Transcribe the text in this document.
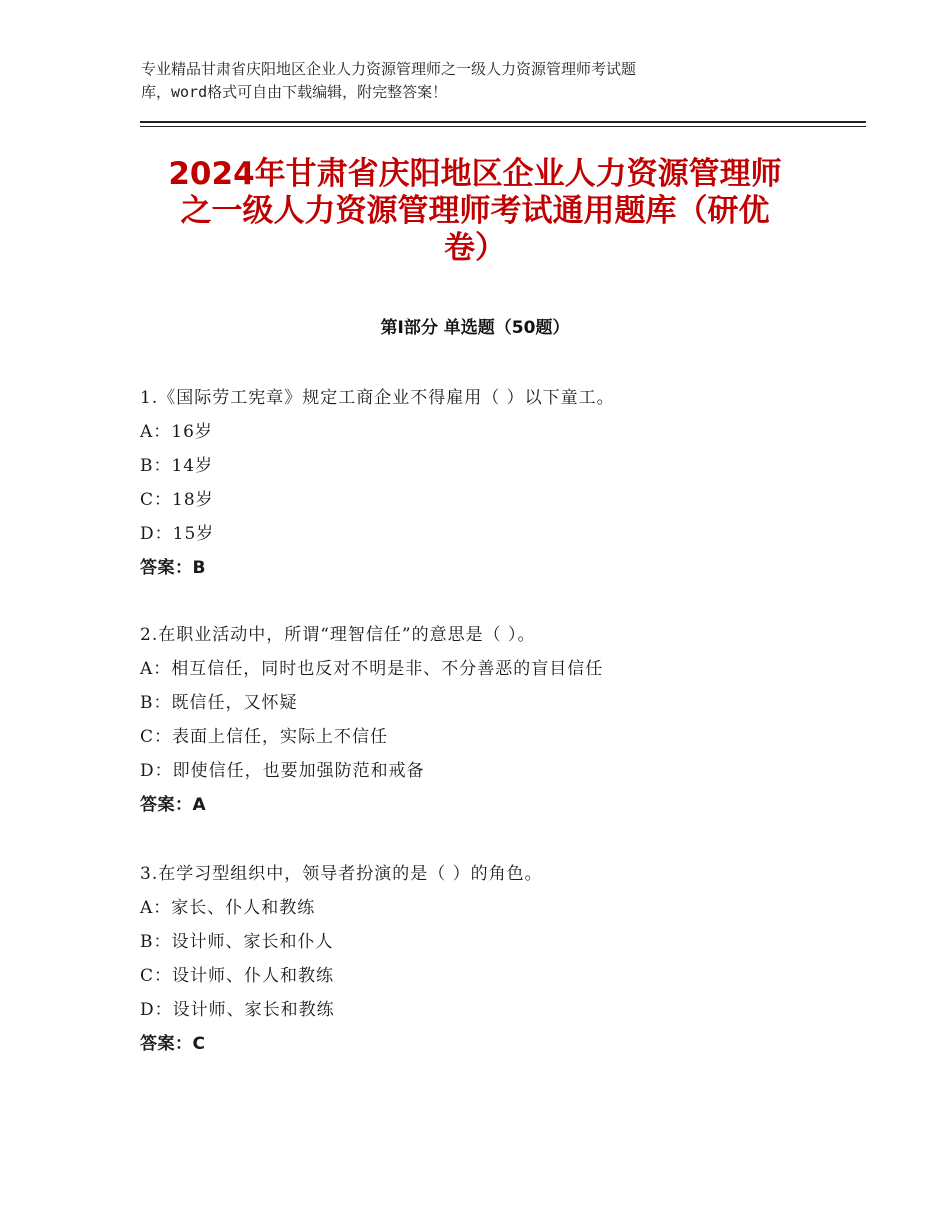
专业精品甘肃省庆阳地区企业人力资源管理师之一级人力资源管理师考试题
库，word格式可自由下载编辑，附完整答案！
2024年甘肃省庆阳地区企业人力资源管理师
之一级人力资源管理师考试通用题库（研优
卷）
第Ⅰ部分 单选题（50题）
1.《国际劳工宪章》规定工商企业不得雇用（ ）以下童工。
A：16岁
B：14岁
C：18岁
D：15岁
答案：B
2.在职业活动中，所谓“理智信任”的意思是（ ）。
A：相互信任，同时也反对不明是非、不分善恶的盲目信任
B：既信任，又怀疑
C：表面上信任，实际上不信任
D：即使信任，也要加强防范和戒备
答案：A
3.在学习型组织中，领导者扮演的是（ ）的角色。
A：家长、仆人和教练
B：设计师、家长和仆人
C：设计师、仆人和教练
D：设计师、家长和教练
答案：C
